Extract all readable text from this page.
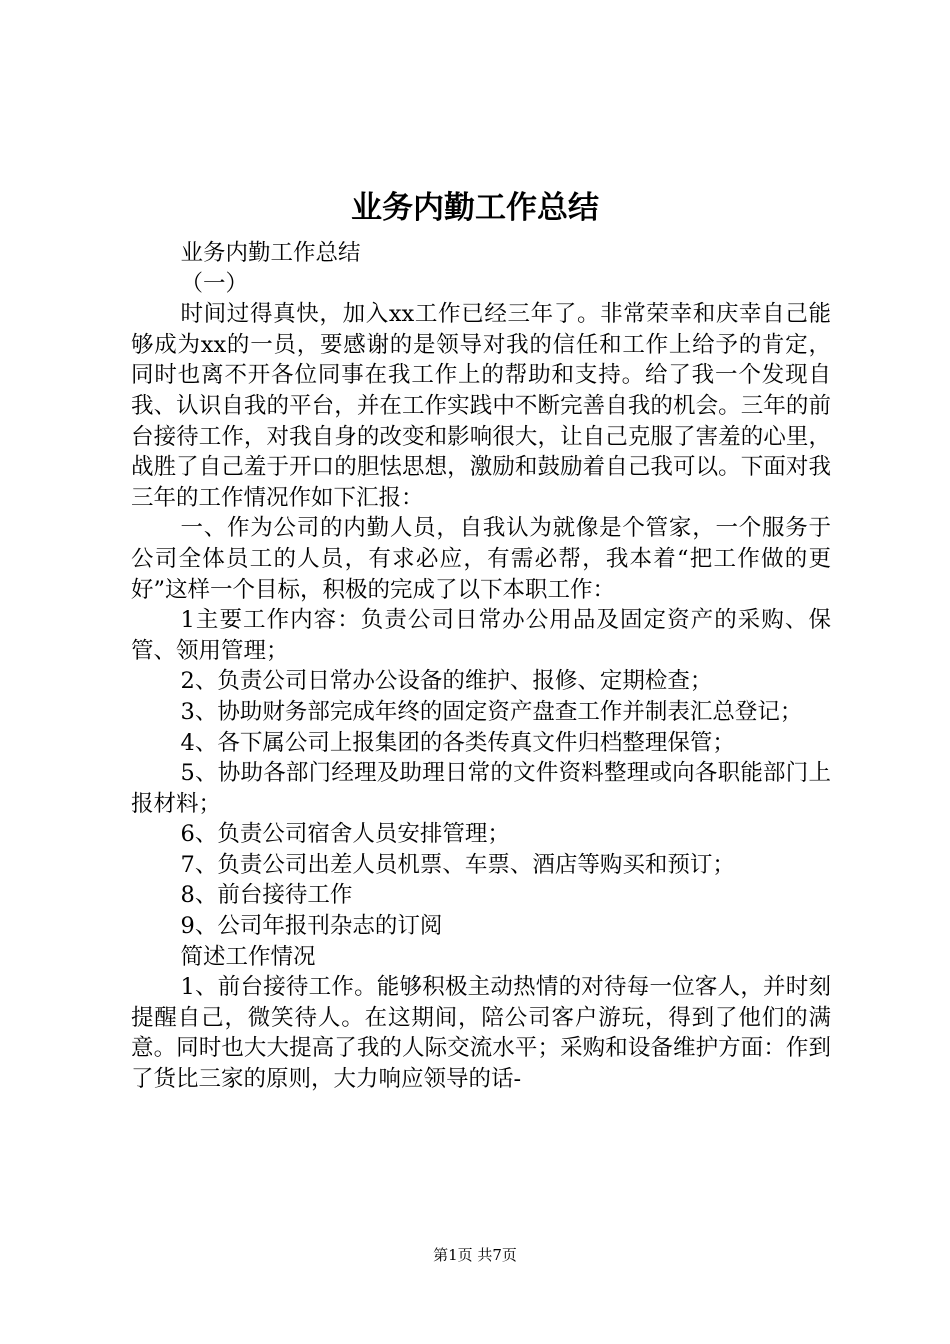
业务内勤工作总结

业务内勤工作总结

（一）

时间过得真快，加入xx工作已经三年了。非常荣幸和庆幸自己能够成为xx的一员，要感谢的是领导对我的信任和工作上给予的肯定，同时也离不开各位同事在我工作上的帮助和支持。给了我一个发现自我、认识自我的平台，并在工作实践中不断完善自我的机会。三年的前台接待工作，对我自身的改变和影响很大，让自己克服了害羞的心里，战胜了自己羞于开口的胆怯思想，激励和鼓励着自己我可以。下面对我三年的工作情况作如下汇报：

一、作为公司的内勤人员，自我认为就像是个管家，一个服务于公司全体员工的人员，有求必应，有需必帮，我本着“把工作做的更好”这样一个目标，积极的完成了以下本职工作：

1主要工作内容：负责公司日常办公用品及固定资产的采购、保管、领用管理；

2、负责公司日常办公设备的维护、报修、定期检查；

3、协助财务部完成年终的固定资产盘查工作并制表汇总登记；

4、各下属公司上报集团的各类传真文件归档整理保管；

5、协助各部门经理及助理日常的文件资料整理或向各职能部门上报材料；

6、负责公司宿舍人员安排管理；

7、负责公司出差人员机票、车票、酒店等购买和预订；

8、前台接待工作

9、公司年报刊杂志的订阅

简述工作情况

1、前台接待工作。能够积极主动热情的对待每一位客人，并时刻提醒自己，微笑待人。在这期间，陪公司客户游玩，得到了他们的满意。同时也大大提高了我的人际交流水平；采购和设备维护方面：作到了货比三家的原则，大力响应领导的话-

第1页 共7页
